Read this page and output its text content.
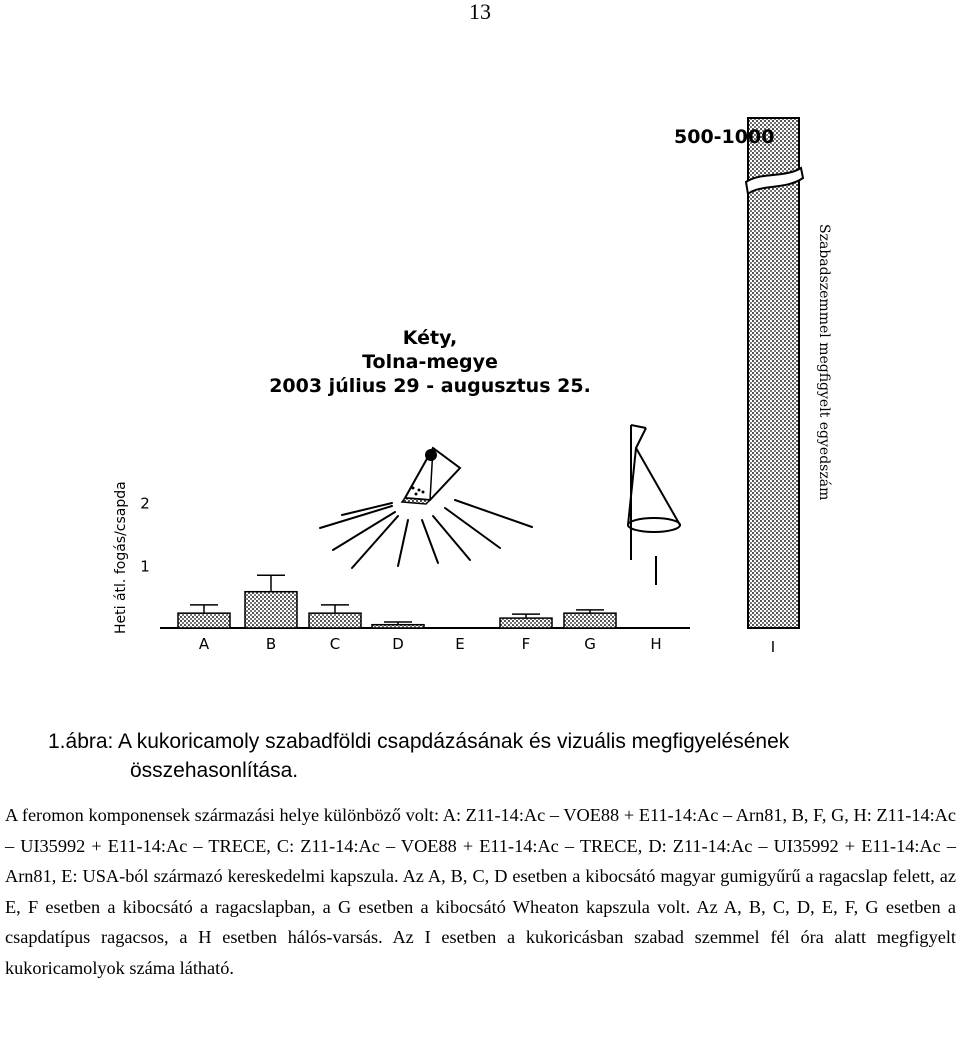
13
Kéty,
Tolna-megye
2003 július 29 - augusztus 25.
Heti átl. fogás/csapda 1
2
A	B	C	D	E	F	G	H	I
500-1000
Szabadszemmel megfigyelt egyedszám
1.ábra: A kukoricamoly szabadföldi csapdázásának és vizuális megfigyelésének
összehasonlítása.
A feromon komponensek származási helye különböző volt: A: Z11-14:Ac – VOE88 + E11-14:Ac – Arn81, B, F, G, H: Z11-14:Ac – UI35992 + E11-14:Ac – TRECE, C: Z11-14:Ac – VOE88 + E11-14:Ac – TRECE, D: Z11-14:Ac – UI35992 + E11-14:Ac – Arn81, E: USA-ból származó kereskedelmi kapszula. Az A, B, C, D esetben a kibocsátó magyar gumigyűrű a ragacslap felett, az E, F esetben a kibocsátó a ragacslapban, a G esetben a kibocsátó Wheaton kapszula volt. Az A, B, C, D, E, F, G esetben a csapdatípus ragacsos, a H esetben hálós-varsás. Az I esetben a kukoricásban szabad szemmel fél óra alatt megfigyelt kukoricamolyok száma látható.
